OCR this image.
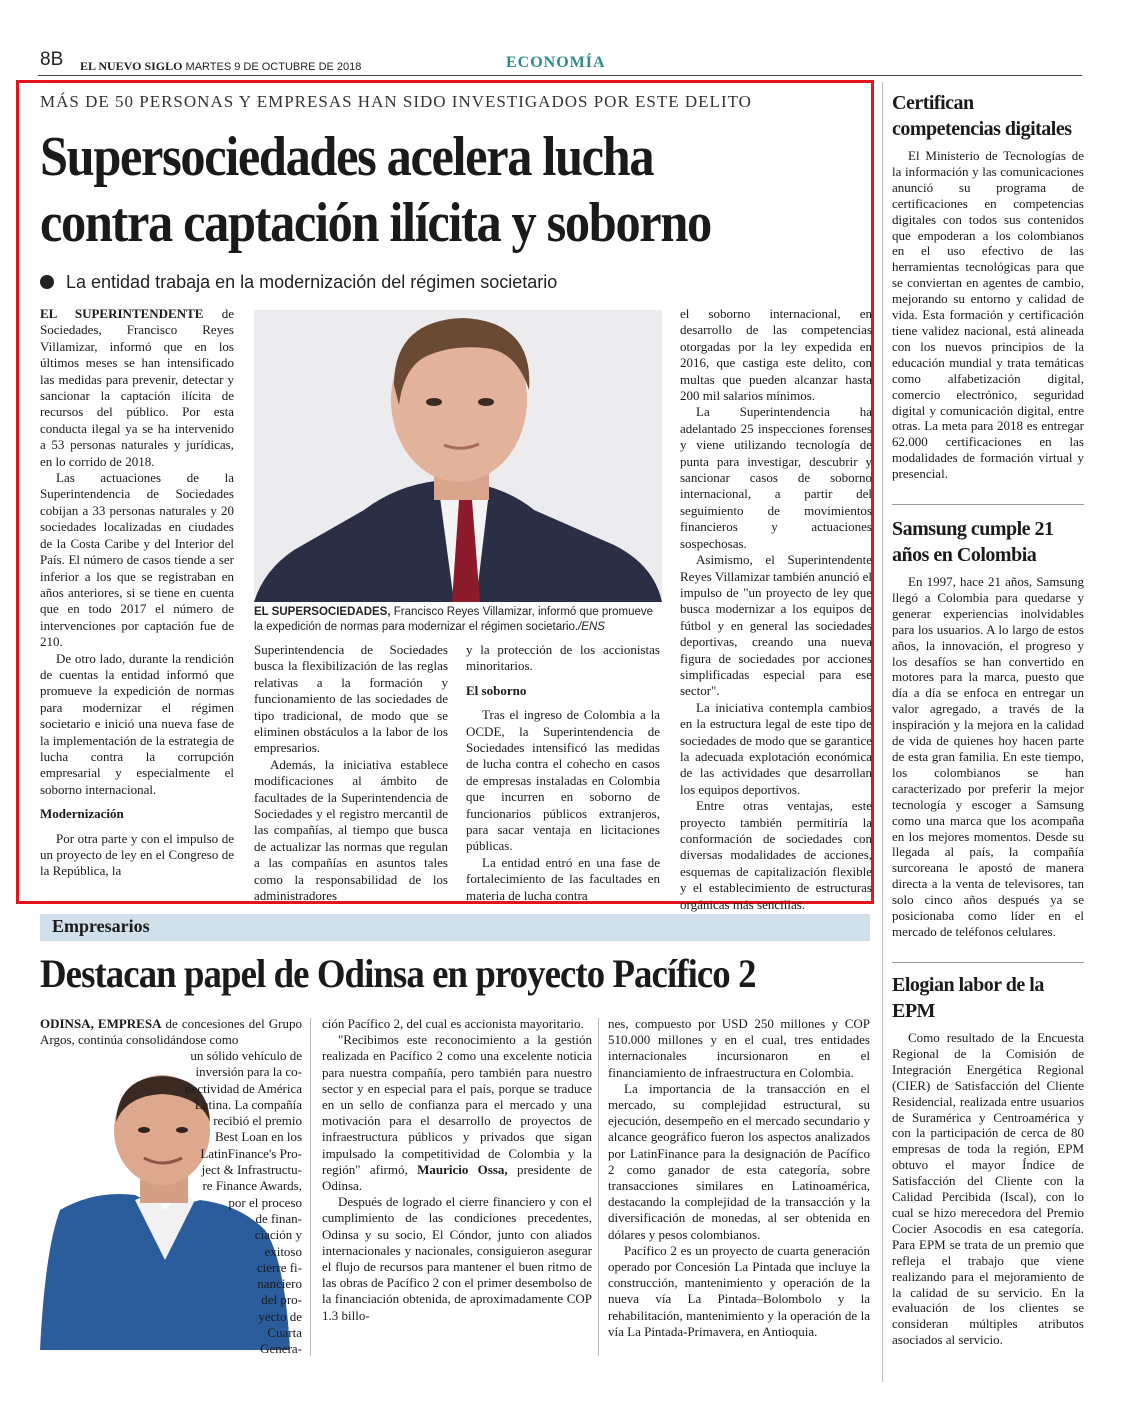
8B EL NUEVO SIGLO MARTES 9 DE OCTUBRE DE 2018	ECONOMÍA
MÁS DE 50 PERSONAS Y EMPRESAS HAN SIDO INVESTIGADOS POR ESTE DELITO
Supersociedades acelera lucha contra captación ilícita y soborno
La entidad trabaja en la modernización del régimen societario

EL SUPERINTENDENTE de Sociedades, Francisco Reyes Villamizar, informó que en los últimos meses se han intensificado las medidas para prevenir, detectar y sancionar la captación ilícita de recursos del público. Por esta conducta ilegal ya se ha intervenido a 53 personas naturales y jurídicas, en lo corrido de 2018.

Las actuaciones de la Superintendencia de Sociedades cobijan a 33 personas naturales y 20 sociedades localizadas en ciudades de la Costa Caribe y del Interior del País. El número de casos tiende a ser inferior a los que se registraban en años anteriores, si se tiene en cuenta que en todo 2017 el número de intervenciones por captación fue de 210.

De otro lado, durante la rendición de cuentas la entidad informó que promueve la expedición de normas para modernizar el régimen societario e inició una nueva fase de la implementación de la estrategia de lucha contra la corrupción empresarial y especialmente el soborno internacional.

Modernización

Por otra parte y con el impulso de un proyecto de ley en el Congreso de la República, la

EL SUPERSOCIEDADES, Francisco Reyes Villamizar, informó que promueve la expedición de normas para modernizar el régimen societario./ENS

Superintendencia de Sociedades busca la flexibilización de las reglas relativas a la formación y funcionamiento de las sociedades de tipo tradicional, de modo que se eliminen obstáculos a la labor de los empresarios.

Además, la iniciativa establece modificaciones al ámbito de facultades de la Superintendencia de Sociedades y el registro mercantil de las compañías, al tiempo que busca de actualizar las normas que regulan a las compañías en asuntos tales como la responsabilidad de los administradores

y la protección de los accionistas minoritarios.

El soborno

Tras el ingreso de Colombia a la OCDE, la Superintendencia de Sociedades intensificó las medidas de lucha contra el cohecho en casos de empresas instaladas en Colombia que incurren en soborno de funcionarios públicos extranjeros, para sacar ventaja en licitaciones públicas.

La entidad entró en una fase de fortalecimiento de las facultades en materia de lucha contra

el soborno internacional, en desarrollo de las competencias otorgadas por la ley expedida en 2016, que castiga este delito, con multas que pueden alcanzar hasta 200 mil salarios mínimos.

La Superintendencia ha adelantado 25 inspecciones forenses y viene utilizando tecnología de punta para investigar, descubrir y sancionar casos de soborno internacional, a partir del seguimiento de movimientos financieros y actuaciones sospechosas.

Asimismo, el Superintendente Reyes Villamizar también anunció el impulso de "un proyecto de ley que busca modernizar a los equipos de fútbol y en general las sociedades deportivas, creando una nueva figura de sociedades por acciones simplificadas especial para ese sector".

La iniciativa contempla cambios en la estructura legal de este tipo de sociedades de modo que se garantice la adecuada explotación económica de las actividades que desarrollan los equipos deportivos.

Entre otras ventajas, este proyecto también permitiría la conformación de sociedades con diversas modalidades de acciones, esquemas de capitalización flexible y el establecimiento de estructuras orgánicas más sencillas.

Empresarios
Destacan papel de Odinsa en proyecto Pacífico 2

ODINSA, EMPRESA de concesiones del Grupo Argos, continúa consolidándose como

un sólido vehículo de
inversión para la co-
nectividad de América
Latina. La compañía
recibió el premio
Best Loan en los
LatinFinance's Pro-
ject & Infrastructu-
re Finance Awards,
por el proceso
de finan-
ciación y
exitoso
cierre fi-
nanciero
del pro-
yecto de
Cuarta
Genera-

ción Pacífico 2, del cual es accionista mayoritario.

"Recibimos este reconocimiento a la gestión realizada en Pacífico 2 como una excelente noticia para nuestra compañía, pero también para nuestro sector y en especial para el país, porque se traduce en un sello de confianza para el mercado y una motivación para el desarrollo de proyectos de infraestructura públicos y privados que sigan impulsado la competitividad de Colombia y la región" afirmó, Mauricio Ossa, presidente de Odinsa.

Después de logrado el cierre financiero y con el cumplimiento de las condiciones precedentes, Odinsa y su socio, El Cóndor, junto con aliados internacionales y nacionales, consiguieron asegurar el flujo de recursos para mantener el buen ritmo de las obras de Pacífico 2 con el primer desembolso de la financiación obtenida, de aproximadamente COP 1.3 billo-

nes, compuesto por USD 250 millones y COP 510.000 millones y en el cual, tres entidades internacionales incursionaron en el financiamiento de infraestructura en Colombia.

La importancia de la transacción en el mercado, su complejidad estructural, su ejecución, desempeño en el mercado secundario y alcance geográfico fueron los aspectos analizados por LatinFinance para la designación de Pacífico 2 como ganador de esta categoría, sobre transacciones similares en Latinoamérica, destacando la complejidad de la transacción y la diversificación de monedas, al ser obtenida en dólares y pesos colombianos.

Pacífico 2 es un proyecto de cuarta generación operado por Concesión La Pintada que incluye la construcción, mantenimiento y operación de la nueva vía La Pintada–Bolombolo y la rehabilitación, mantenimiento y la operación de la vía La Pintada-Primavera, en Antioquia.

Certifican competencias digitales

El Ministerio de Tecnologías de la información y las comunicaciones anunció su programa de certificaciones en competencias digitales con todos sus contenidos que empoderan a los colombianos en el uso efectivo de las herramientas tecnológicas para que se conviertan en agentes de cambio, mejorando su entorno y calidad de vida. Esta formación y certificación tiene validez nacional, está alineada con los nuevos principios de la educación mundial y trata temáticas como alfabetización digital, comercio electrónico, seguridad digital y comunicación digital, entre otras. La meta para 2018 es entregar 62.000 certificaciones en las modalidades de formación virtual y presencial.

Samsung cumple 21 años en Colombia

En 1997, hace 21 años, Samsung llegó a Colombia para quedarse y generar experiencias inolvidables para los usuarios. A lo largo de estos años, la innovación, el progreso y los desafíos se han convertido en motores para la marca, puesto que día a día se enfoca en entregar un valor agregado, a través de la inspiración y la mejora en la calidad de vida de quienes hoy hacen parte de esta gran familia. En este tiempo, los colombianos se han caracterizado por preferir la mejor tecnología y escoger a Samsung como una marca que los acompaña en los mejores momentos. Desde su llegada al país, la compañía surcoreana le apostó de manera directa a la venta de televisores, tan solo cinco años después ya se posicionaba como líder en el mercado de teléfonos celulares.

Elogian labor de la EPM

Como resultado de la Encuesta Regional de la Comisión de Integración Energética Regional (CIER) de Satisfacción del Cliente Residencial, realizada entre usuarios de Suramérica y Centroamérica y con la participación de cerca de 80 empresas de toda la región, EPM obtuvo el mayor Índice de Satisfacción del Cliente con la Calidad Percibida (Iscal), con lo cual se hizo merecedora del Premio Cocier Asocodis en esa categoría. Para EPM se trata de un premio que refleja el trabajo que viene realizando para el mejoramiento de la calidad de su servicio. En la evaluación de los clientes se consideran múltiples atributos asociados al servicio.
